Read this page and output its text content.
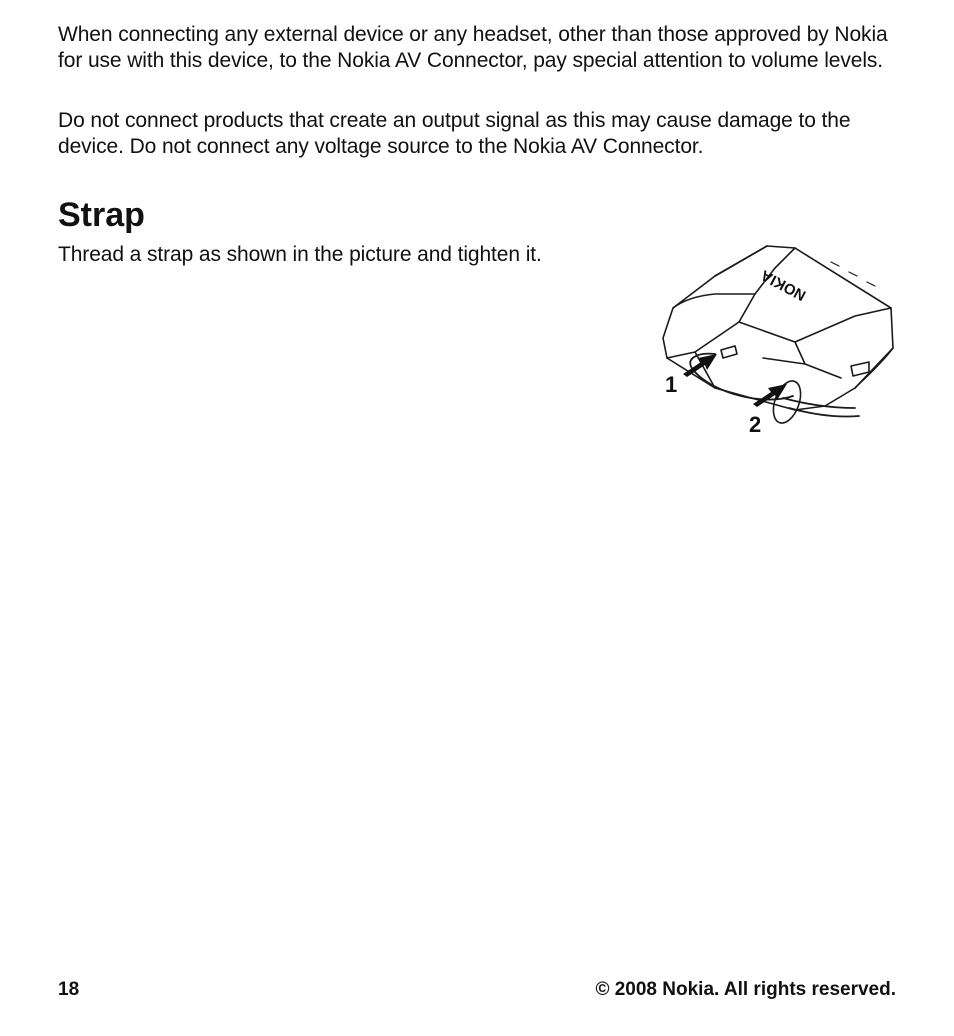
When connecting any external device or any headset, other than those approved by Nokia for use with this device, to the Nokia AV Connector, pay special attention to volume levels.

Do not connect products that create an output signal as this may cause damage to the device. Do not connect any voltage source to the Nokia AV Connector.

Strap

Thread a strap as shown in the picture and tighten it.

NOKIA
1
2
18	© 2008 Nokia. All rights reserved.
